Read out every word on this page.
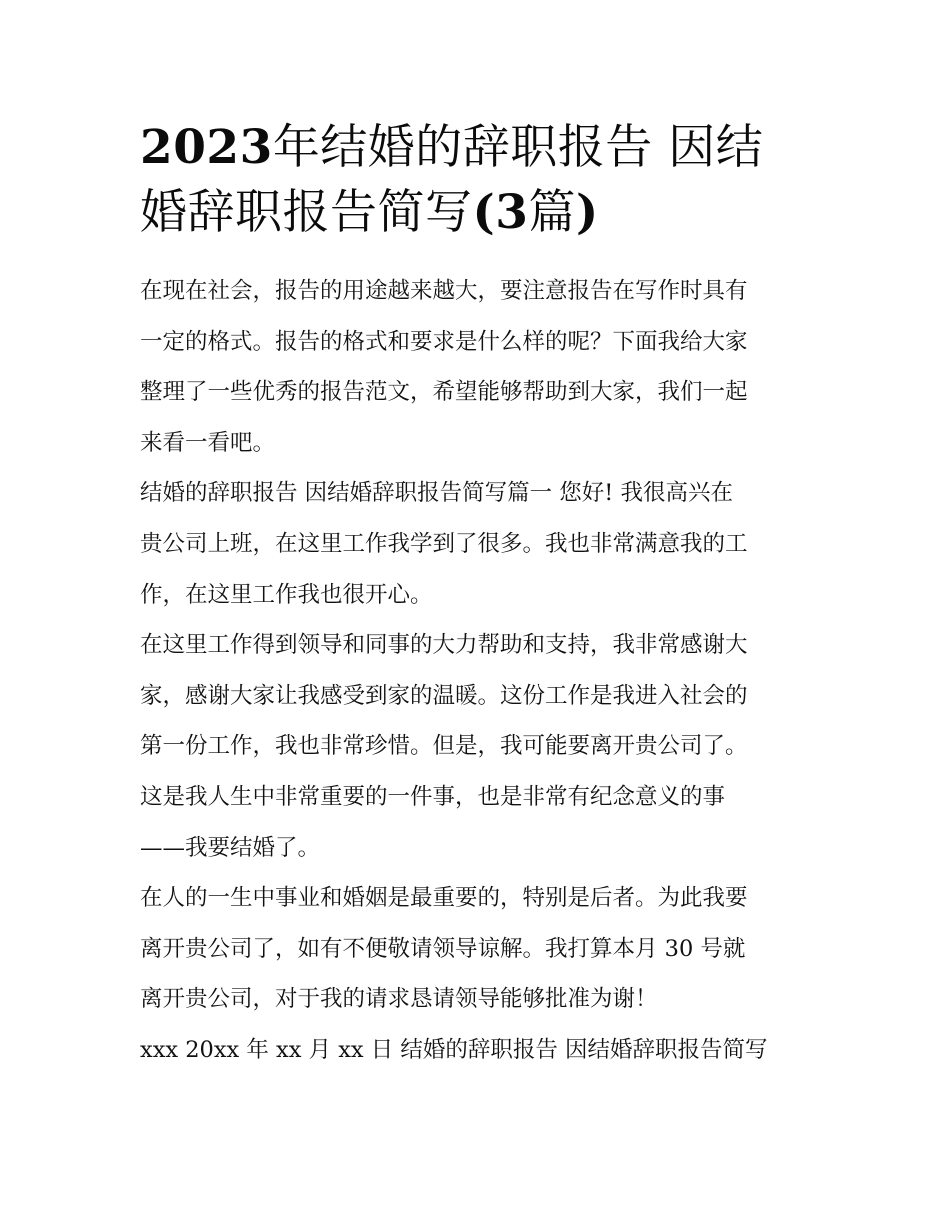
2023年结婚的辞职报告 因结
婚辞职报告简写(3篇)
在现在社会，报告的用途越来越大，要注意报告在写作时具有
一定的格式。报告的格式和要求是什么样的呢？下面我给大家
整理了一些优秀的报告范文，希望能够帮助到大家，我们一起
来看一看吧。
结婚的辞职报告 因结婚辞职报告简写篇一 您好! 我很高兴在
贵公司上班，在这里工作我学到了很多。我也非常满意我的工
作，在这里工作我也很开心。
在这里工作得到领导和同事的大力帮助和支持，我非常感谢大
家，感谢大家让我感受到家的温暖。这份工作是我进入社会的
第一份工作，我也非常珍惜。但是，我可能要离开贵公司了。
这是我人生中非常重要的一件事，也是非常有纪念意义的事
——我要结婚了。
在人的一生中事业和婚姻是最重要的，特别是后者。为此我要
离开贵公司了，如有不便敬请领导谅解。我打算本月 30 号就
离开贵公司，对于我的请求恳请领导能够批准为谢！
xxx 20xx 年 xx 月 xx 日 结婚的辞职报告 因结婚辞职报告简写
